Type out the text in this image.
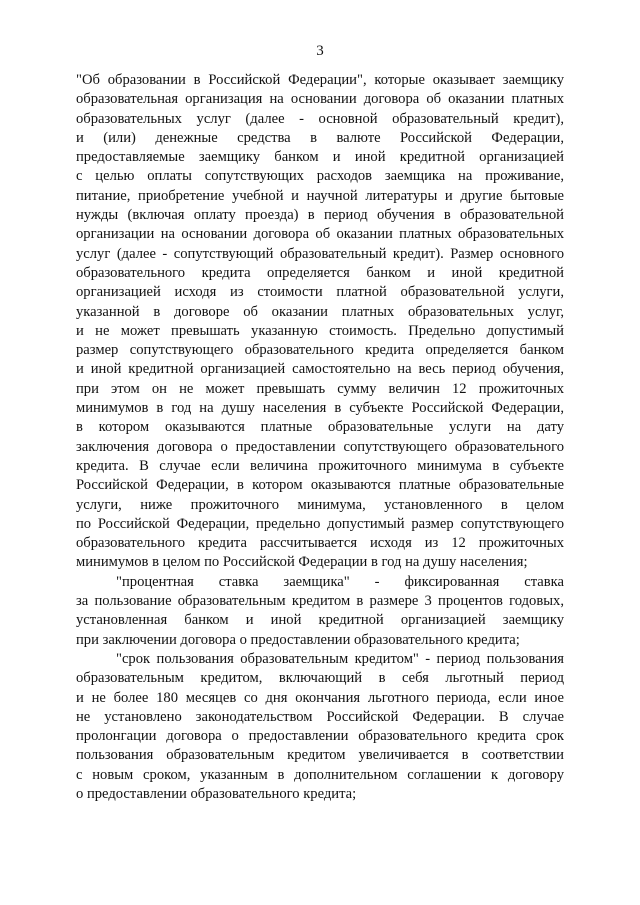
3
"Об образовании в Российской Федерации", которые оказывает заемщику
образовательная организация на основании договора об оказании платных
образовательных услуг (далее - основной образовательный кредит),
и (или) денежные средства в валюте Российской Федерации,
предоставляемые заемщику банком и иной кредитной организацией
с целью оплаты сопутствующих расходов заемщика на проживание,
питание, приобретение учебной и научной литературы и другие бытовые
нужды (включая оплату проезда) в период обучения в образовательной
организации на основании договора об оказании платных образовательных
услуг (далее - сопутствующий образовательный кредит). Размер основного
образовательного кредита определяется банком и иной кредитной
организацией исходя из стоимости платной образовательной услуги,
указанной в договоре об оказании платных образовательных услуг,
и не может превышать указанную стоимость. Предельно допустимый
размер сопутствующего образовательного кредита определяется банком
и иной кредитной организацией самостоятельно на весь период обучения,
при этом он не может превышать сумму величин 12 прожиточных
минимумов в год на душу населения в субъекте Российской Федерации,
в котором оказываются платные образовательные услуги на дату
заключения договора о предоставлении сопутствующего образовательного
кредита. В случае если величина прожиточного минимума в субъекте
Российской Федерации, в котором оказываются платные образовательные
услуги, ниже прожиточного минимума, установленного в целом
по Российской Федерации, предельно допустимый размер сопутствующего
образовательного кредита рассчитывается исходя из 12 прожиточных
минимумов в целом по Российской Федерации в год на душу населения;
"процентная ставка заемщика" - фиксированная ставка
за пользование образовательным кредитом в размере 3 процентов годовых,
установленная банком и иной кредитной организацией заемщику
при заключении договора о предоставлении образовательного кредита;
"срок пользования образовательным кредитом" - период пользования
образовательным кредитом, включающий в себя льготный период
и не более 180 месяцев со дня окончания льготного периода, если иное
не установлено законодательством Российской Федерации. В случае
пролонгации договора о предоставлении образовательного кредита срок
пользования образовательным кредитом увеличивается в соответствии
с новым сроком, указанным в дополнительном соглашении к договору
о предоставлении образовательного кредита;
